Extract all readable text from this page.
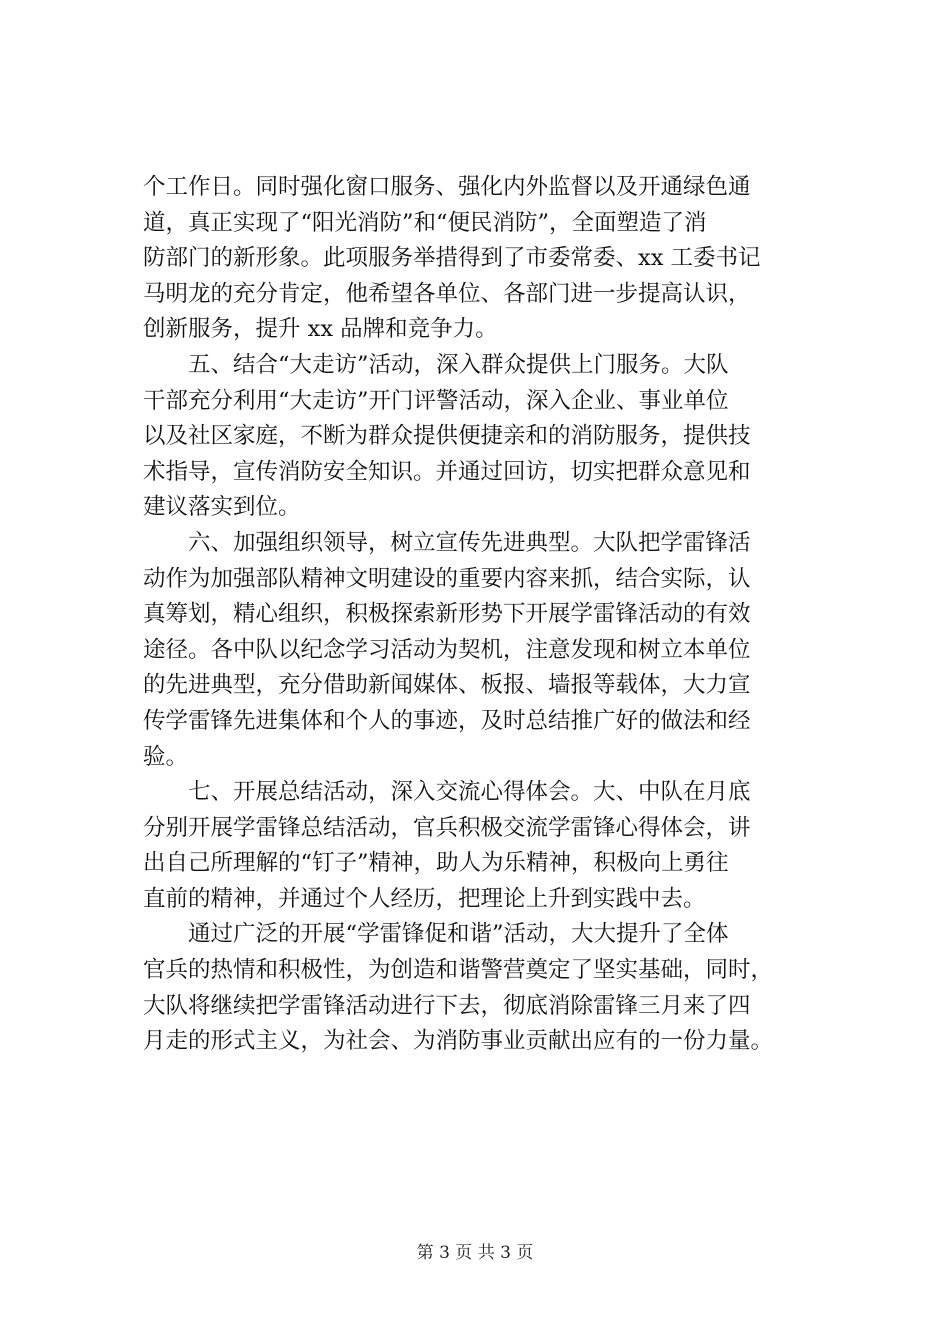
个工作日。同时强化窗口服务、强化内外监督以及开通绿色通
道，真正实现了“阳光消防”和“便民消防”，全面塑造了消
防部门的新形象。此项服务举措得到了市委常委、xx 工委书记
马明龙的充分肯定，他希望各单位、各部门进一步提高认识，
创新服务，提升 xx 品牌和竞争力。
　　五、结合“大走访”活动，深入群众提供上门服务。大队
干部充分利用“大走访”开门评警活动，深入企业、事业单位
以及社区家庭，不断为群众提供便捷亲和的消防服务，提供技
术指导，宣传消防安全知识。并通过回访，切实把群众意见和
建议落实到位。
　　六、加强组织领导，树立宣传先进典型。大队把学雷锋活
动作为加强部队精神文明建设的重要内容来抓，结合实际，认
真筹划，精心组织，积极探索新形势下开展学雷锋活动的有效
途径。各中队以纪念学习活动为契机，注意发现和树立本单位
的先进典型，充分借助新闻媒体、板报、墙报等载体，大力宣
传学雷锋先进集体和个人的事迹，及时总结推广好的做法和经
验。
　　七、开展总结活动，深入交流心得体会。大、中队在月底
分别开展学雷锋总结活动，官兵积极交流学雷锋心得体会，讲
出自己所理解的“钉子”精神，助人为乐精神，积极向上勇往
直前的精神，并通过个人经历，把理论上升到实践中去。
　　通过广泛的开展“学雷锋促和谐”活动，大大提升了全体
官兵的热情和积极性，为创造和谐警营奠定了坚实基础，同时，
大队将继续把学雷锋活动进行下去，彻底消除雷锋三月来了四
月走的形式主义，为社会、为消防事业贡献出应有的一份力量。
第 3 页 共 3 页
